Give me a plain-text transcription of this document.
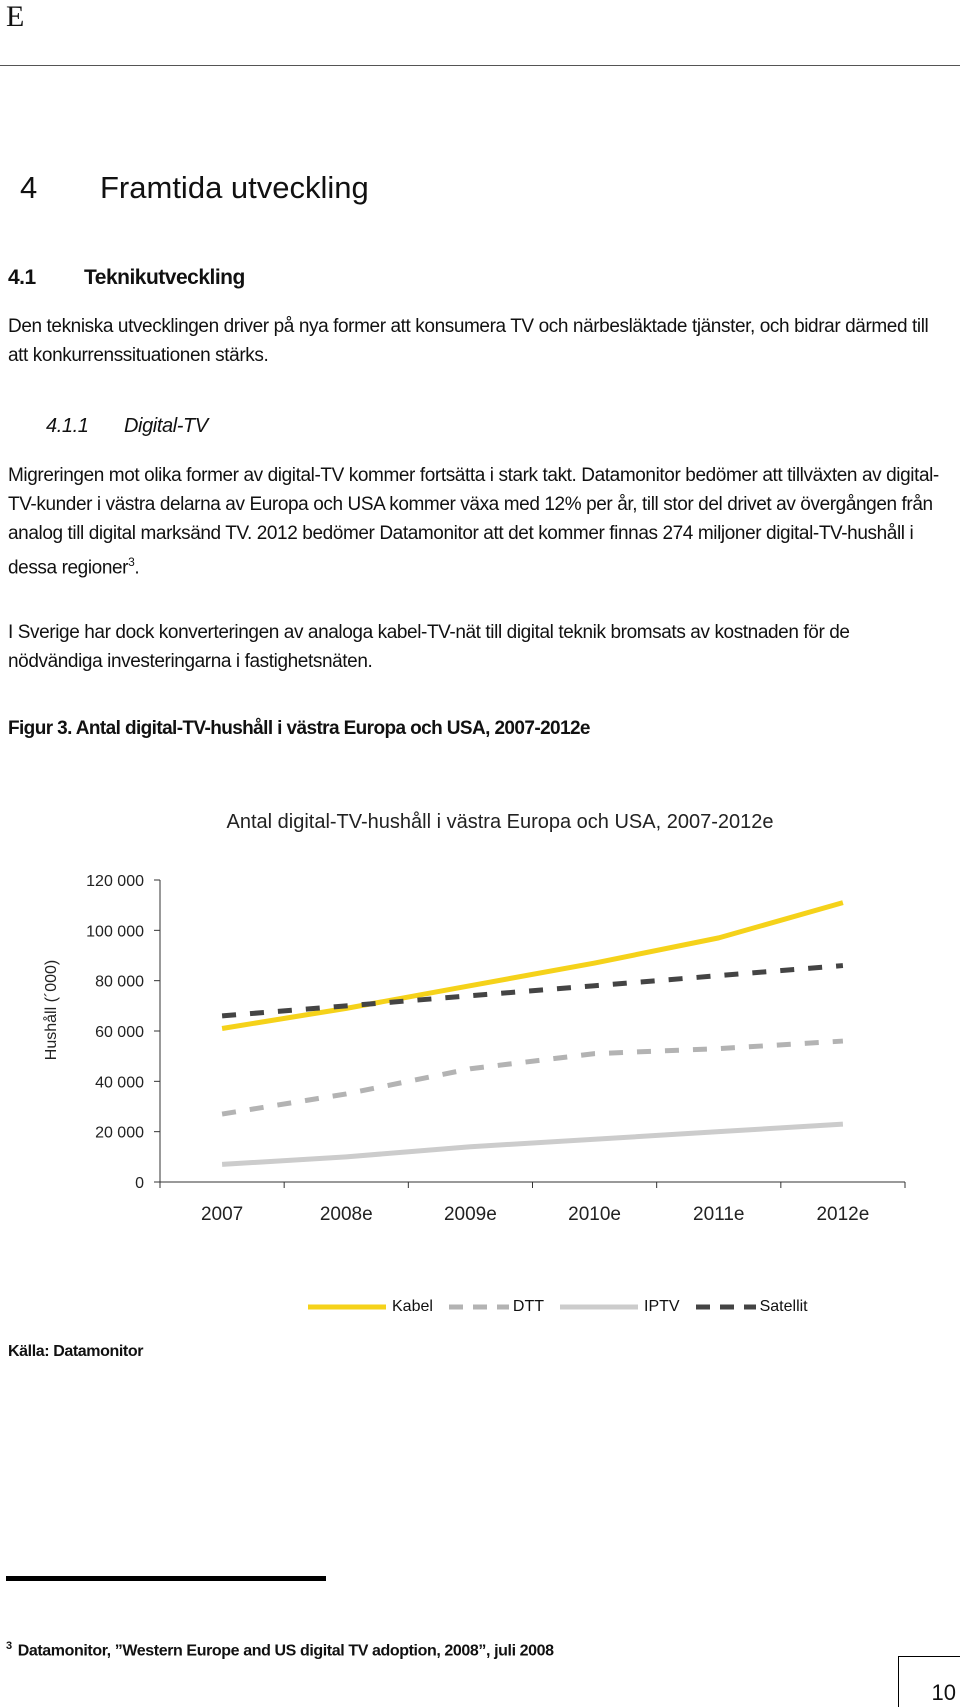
E
4 Framtida utveckling
4.1 Teknikutveckling
Den tekniska utvecklingen driver på nya former att konsumera TV och närbesläktade tjänster, och bidrar därmed till att konkurrenssituationen stärks.
4.1.1 Digital-TV
Migreringen mot olika former av digital-TV kommer fortsätta i stark takt. Datamonitor bedömer att tillväxten av digital-TV-kunder i västra delarna av Europa och USA kommer växa med 12% per år, till stor del drivet av övergången från analog till digital marksänd TV. 2012 bedömer Datamonitor att det kommer finnas 274 miljoner digital-TV-hushåll i dessa regioner$^3$.
I Sverige har dock konverteringen av analoga kabel-TV-nät till digital teknik bromsats av kostnaden för de nödvändiga investeringarna i fastighetsnäten.
Figur 3. Antal digital-TV-hushåll i västra Europa och USA, 2007-2012e
Antal digital-TV-hushåll i västra Europa och USA, 2007-2012e
Hushåll (´000)
0
20 000
40 000
60 000
80 000
100 000
120 000
2007	2008e	2009e	2010e	2011e	2012e
Kabel	DTT	IPTV	Satellit
Källa: Datamonitor
$^3$ Datamonitor, ”Western Europe and US digital TV adoption, 2008”, juli 2008
10
